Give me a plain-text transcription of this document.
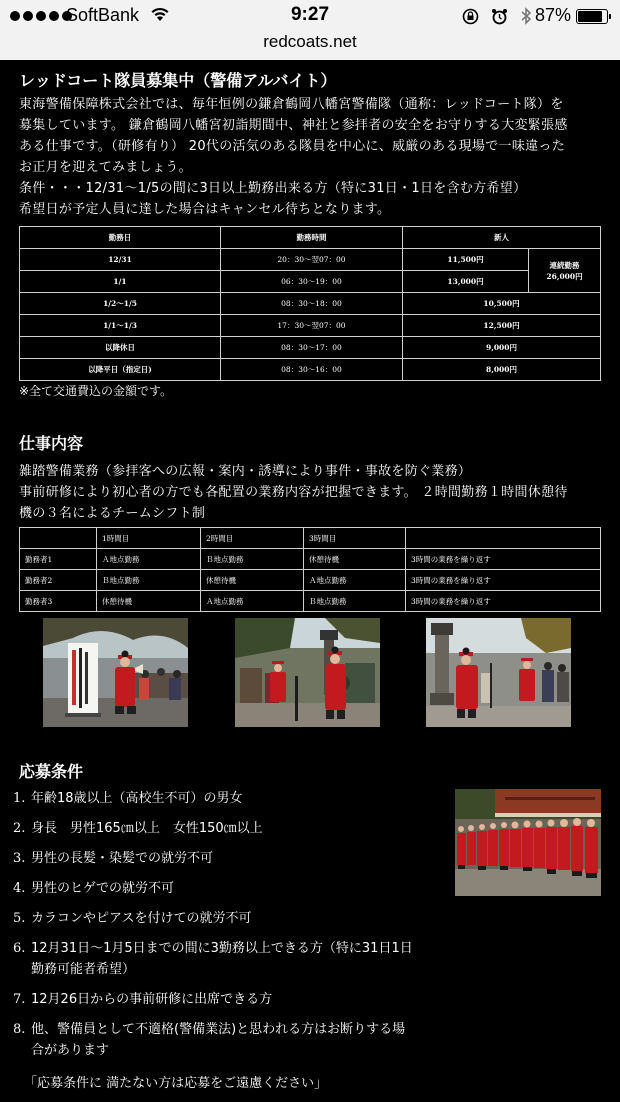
SoftBank	9:27	87%
redcoats.net
レッドコート隊員募集中（警備アルバイト）

東海警備保障株式会社では、毎年恒例の鎌倉鶴岡八幡宮警備隊（通称：レッドコート隊）を

募集しています。 鎌倉鶴岡八幡宮初詣期間中、神社と参拝者の安全をお守りする大変緊張感

ある仕事です。（研修有り） 20代の活気のある隊員を中心に、威厳のある現場で一味違った

お正月を迎えてみましょう。

条件・・・12/31～1/5の間に3日以上勤務出来る方（特に31日・1日を含む方希望）

希望日が予定人員に達した場合はキャンセル待ちとなります。

勤務日	勤務時間	新人	
12/31	20：30～翌07：00	11,500円	連続勤務
26,000円
1/1	06：30～19：00	13,000円	
1/2～1/5	08：30～18：00	10,500円	
1/1～1/3	17：30～翌07：00	12,500円	
以降休日	08：30～17：00	9,000円	
以降平日（指定日)	08：30～16：00	8,000円	
※全て交通費込の金額です。
仕事内容

雑踏警備業務（参拝客への広報・案内・誘導により事件・事故を防ぐ業務）

事前研修により初心者の方でも各配置の業務内容が把握できます。 ２時間勤務１時間休憩待

機の３名によるチームシフト制

	1時間目	2時間目	3時間目	
勤務者1	Ａ地点勤務	Ｂ地点勤務	休憩待機	3時間の業務を繰り返す
勤務者2	Ｂ地点勤務	休憩待機	Ａ地点勤務	3時間の業務を繰り返す
勤務者3	休憩待機	Ａ地点勤務	Ｂ地点勤務	3時間の業務を繰り返す
応募条件
1. 年齢18歳以上（高校生不可）の男女
2. 身長　男性165㎝以上　女性150㎝以上
3. 男性の長髪・染髪での就労不可
4. 男性のヒゲでの就労不可
5. カラコンやピアスを付けての就労不可
6. 12月31日～1月5日までの間に3勤務以上できる方（特に31日1日
勤務可能者希望）
7. 12月26日からの事前研修に出席できる方
8. 他、警備員として不適格(警備業法)と思われる方はお断りする場
合があります
「応募条件に 満たない方は応募をご遠慮ください」
